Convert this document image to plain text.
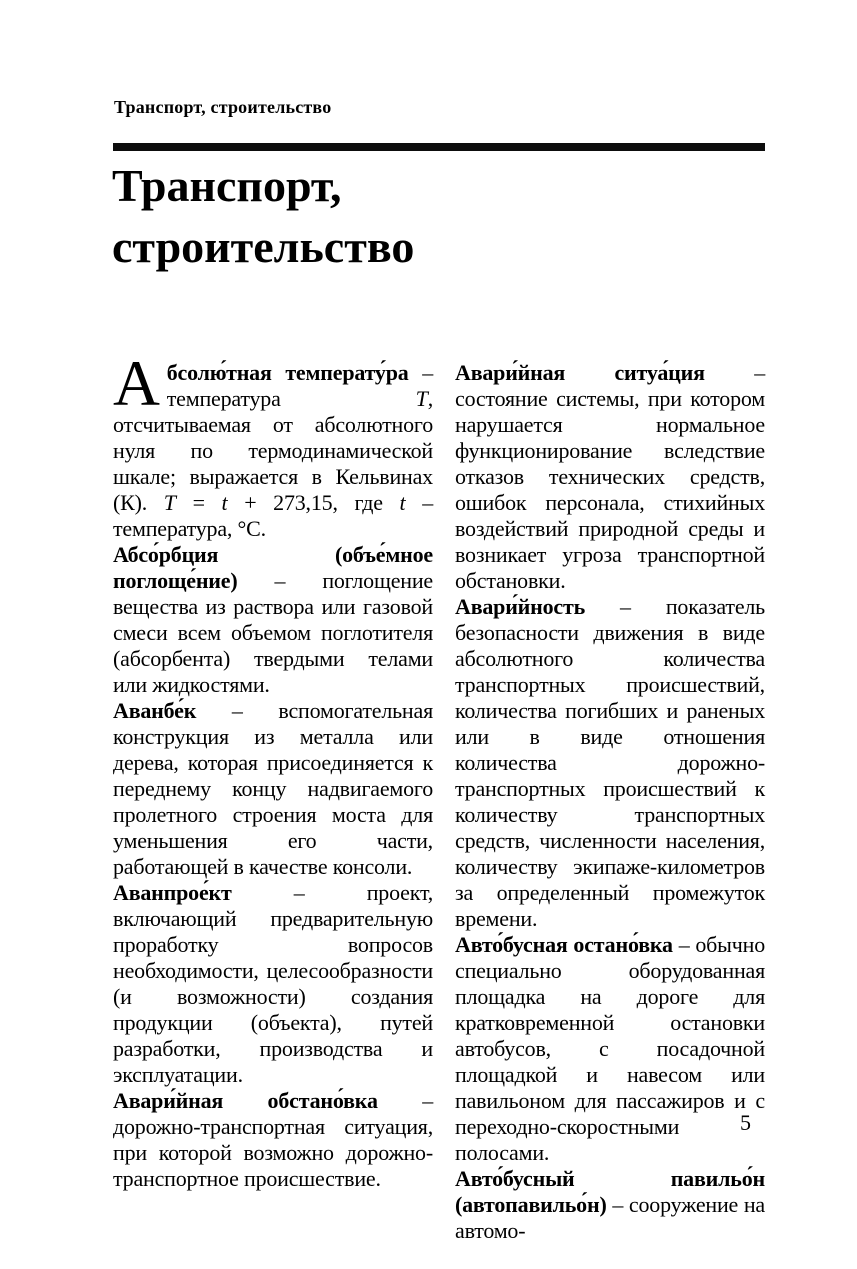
Транспорт, строительство
Транспорт,
строительство

Абсолю́тная температу́ра – температура T, отсчитываемая от абсолютного нуля по термодинамической шкале; выражается в Кельвинах (К). T = t + 273,15, где t – температура, °С.

Абсо́рбция (объе́мное поглоще́ние) – поглощение вещества из раствора или газовой смеси всем объемом поглотителя (абсорбента) твердыми телами или жидкостями.

Аванбе́к – вспомогательная конструкция из металла или дерева, которая присоединяется к переднему концу надвигаемого пролетного строения моста для уменьшения его части, работающей в качестве консоли.

Аванпрое́кт – проект, включающий предварительную проработку вопросов необходимости, целесообразности (и возможности) создания продукции (объекта), путей разработки, производства и эксплуатации.

Авари́йная обстано́вка – дорожно-транспортная ситуация, при которой возможно дорожно-транспортное происшествие.

Авари́йная ситуа́ция – состояние системы, при котором нарушается нормальное функционирование вследствие отказов технических средств, ошибок персонала, стихийных воздействий природной среды и возникает угроза транспортной обстановки.

Авари́йность – показатель безопасности движения в виде абсолютного количества транспортных происшествий, количества погибших и раненых или в виде отношения количества дорожно-транспортных происшествий к количеству транспортных средств, численности населения, количеству экипаже-километров за определенный промежуток времени.

Авто́бусная остано́вка – обычно специально оборудованная площадка на дороге для кратковременной остановки автобусов, с посадочной площадкой и навесом или павильоном для пассажиров и с переходно-скоростными полосами.

Авто́бусный павильо́н (автопавильо́н) – сооружение на автомо-

5
